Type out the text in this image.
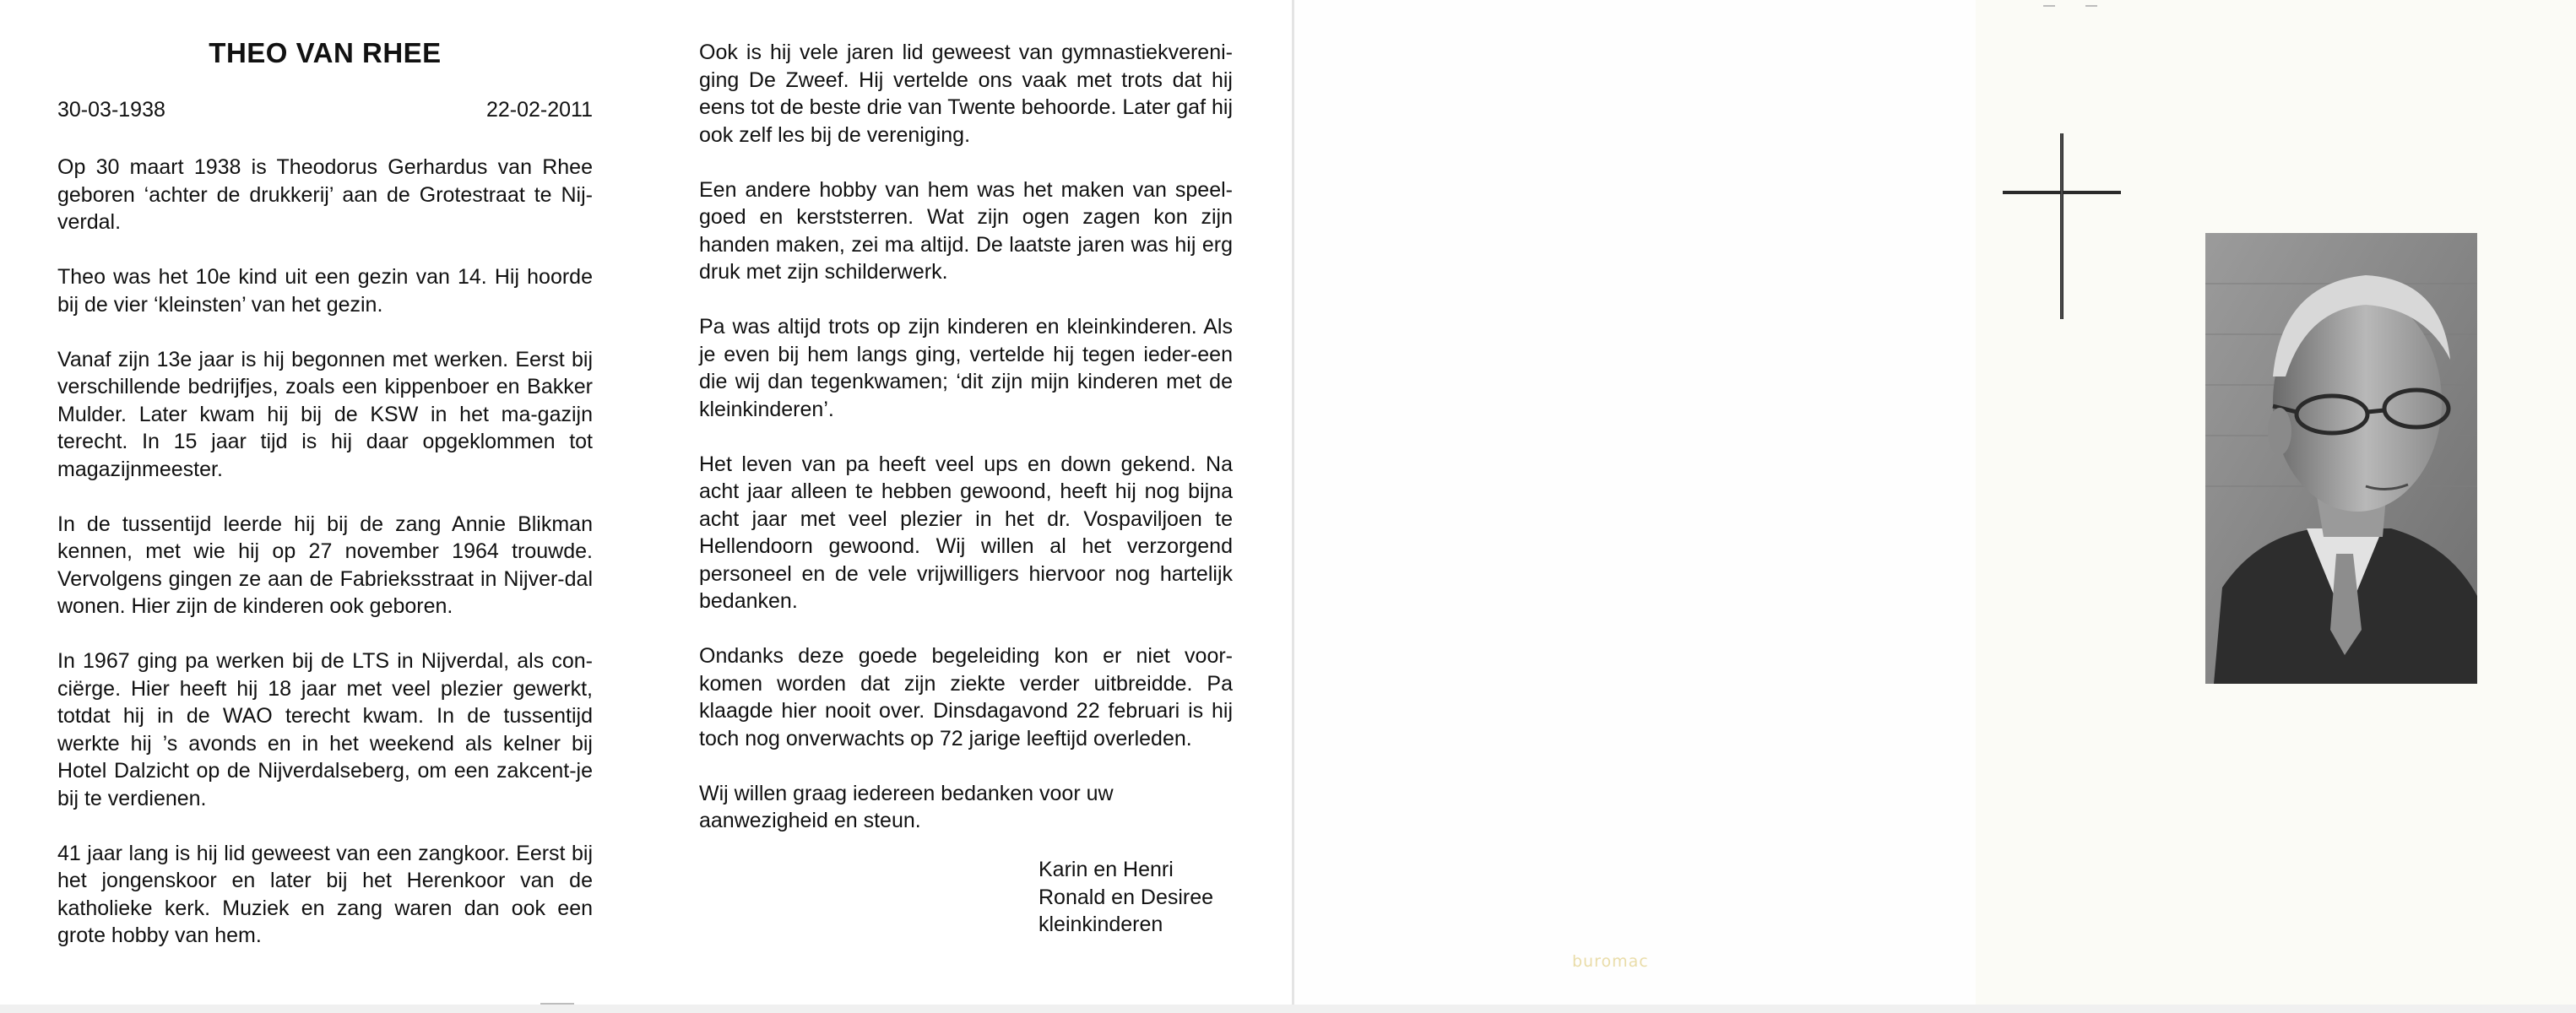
THEO VAN RHEE
30-03-1938	22-02-2011

Op 30 maart 1938 is Theodorus Gerhardus van Rhee geboren ‘achter de drukkerij’ aan de Grotestraat te Nij-verdal.

Theo was het 10e kind uit een gezin van 14. Hij hoorde bij de vier ‘kleinsten’ van het gezin.

Vanaf zijn 13e jaar is hij begonnen met werken. Eerst bij verschillende bedrijfjes, zoals een kippenboer en Bakker Mulder. Later kwam hij bij de KSW in het ma-gazijn terecht. In 15 jaar tijd is hij daar opgeklommen tot magazijnmeester.

In de tussentijd leerde hij bij de zang Annie Blikman kennen, met wie hij op 27 november 1964 trouwde. Vervolgens gingen ze aan de Fabrieksstraat in Nijver-dal wonen. Hier zijn de kinderen ook geboren.

In 1967 ging pa werken bij de LTS in Nijverdal, als con-ciërge. Hier heeft hij 18 jaar met veel plezier gewerkt, totdat hij in de WAO terecht kwam. In de tussentijd werkte hij ’s avonds en in het weekend als kelner bij Hotel Dalzicht op de Nijverdalseberg, om een zakcent-je bij te verdienen.

41 jaar lang is hij lid geweest van een zangkoor. Eerst bij het jongenskoor en later bij het Herenkoor van de katholieke kerk. Muziek en zang waren dan ook een grote hobby van hem.

Ook is hij vele jaren lid geweest van gymnastiekvereni-ging De Zweef. Hij vertelde ons vaak met trots dat hij eens tot de beste drie van Twente behoorde. Later gaf hij ook zelf les bij de vereniging.

Een andere hobby van hem was het maken van speel-goed en kerststerren. Wat zijn ogen zagen kon zijn handen maken, zei ma altijd. De laatste jaren was hij erg druk met zijn schilderwerk.

Pa was altijd trots op zijn kinderen en kleinkinderen. Als je even bij hem langs ging, vertelde hij tegen ieder-een die wij dan tegenkwamen; ‘dit zijn mijn kinderen met de kleinkinderen’.

Het leven van pa heeft veel ups en down gekend. Na acht jaar alleen te hebben gewoond, heeft hij nog bijna acht jaar met veel plezier in het dr. Vospaviljoen te Hellendoorn gewoond. Wij willen al het verzorgend personeel en de vele vrijwilligers hiervoor nog hartelijk bedanken.

Ondanks deze goede begeleiding kon er niet voor-komen worden dat zijn ziekte verder uitbreidde. Pa klaagde hier nooit over. Dinsdagavond 22 februari is hij toch nog onverwachts op 72 jarige leeftijd overleden.

Wij willen graag iedereen bedanken voor uw aanwezigheid en steun.

Karin en Henri
Ronald en Desiree
kleinkinderen
buromac
